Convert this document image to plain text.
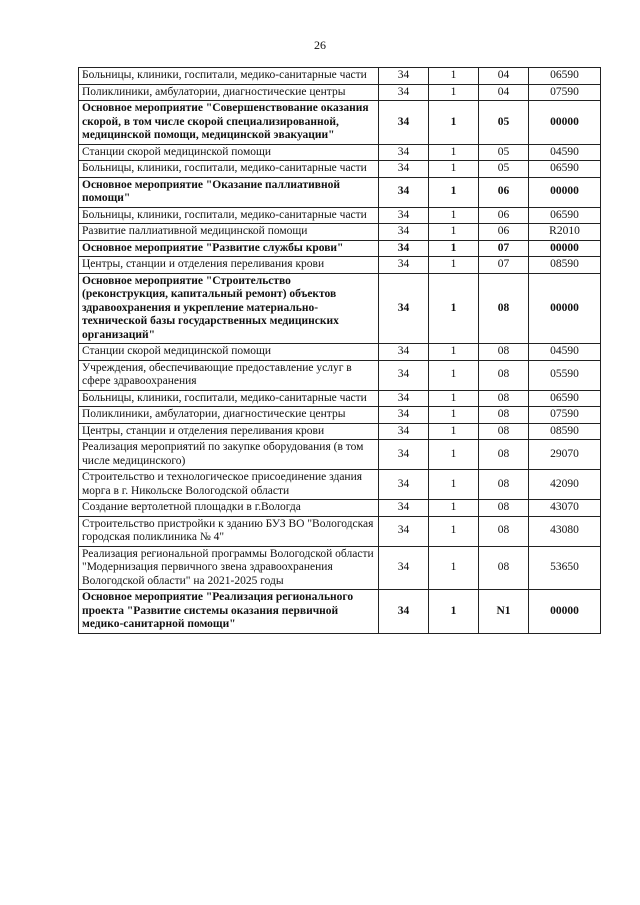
26
Больницы, клиники, госпитали, медико-санитарные части	34	1	04	06590
Поликлиники, амбулатории, диагностические центры	34	1	04	07590
Основное мероприятие "Совершенствование оказания скорой, в том числе скорой специализированной, медицинской помощи, медицинской эвакуации"	34	1	05	00000
Станции скорой медицинской помощи	34	1	05	04590
Больницы, клиники, госпитали, медико-санитарные части	34	1	05	06590
Основное мероприятие "Оказание паллиативной помощи"	34	1	06	00000
Больницы, клиники, госпитали, медико-санитарные части	34	1	06	06590
Развитие паллиативной медицинской помощи	34	1	06	R2010
Основное мероприятие "Развитие службы крови"	34	1	07	00000
Центры, станции и отделения переливания крови	34	1	07	08590
Основное мероприятие "Строительство (реконструкция, капитальный ремонт) объектов здравоохранения и укрепление материально-технической базы государственных медицинских организаций"	34	1	08	00000
Станции скорой медицинской помощи	34	1	08	04590
Учреждения, обеспечивающие предоставление услуг в сфере здравоохранения	34	1	08	05590
Больницы, клиники, госпитали, медико-санитарные части	34	1	08	06590
Поликлиники, амбулатории, диагностические центры	34	1	08	07590
Центры, станции и отделения переливания крови	34	1	08	08590
Реализация мероприятий по закупке оборудования (в том числе медицинского)	34	1	08	29070
Строительство и технологическое присоединение здания морга в г. Никольске Вологодской области	34	1	08	42090
Создание вертолетной площадки в г.Вологда	34	1	08	43070
Строительство пристройки к зданию БУЗ ВО "Вологодская городская поликлиника № 4"	34	1	08	43080
Реализация региональной программы Вологодской области "Модернизация первичного звена здравоохранения Вологодской области" на 2021-2025 годы	34	1	08	53650
Основное мероприятие "Реализация регионального проекта "Развитие системы оказания первичной медико-санитарной помощи"	34	1	N1	00000
